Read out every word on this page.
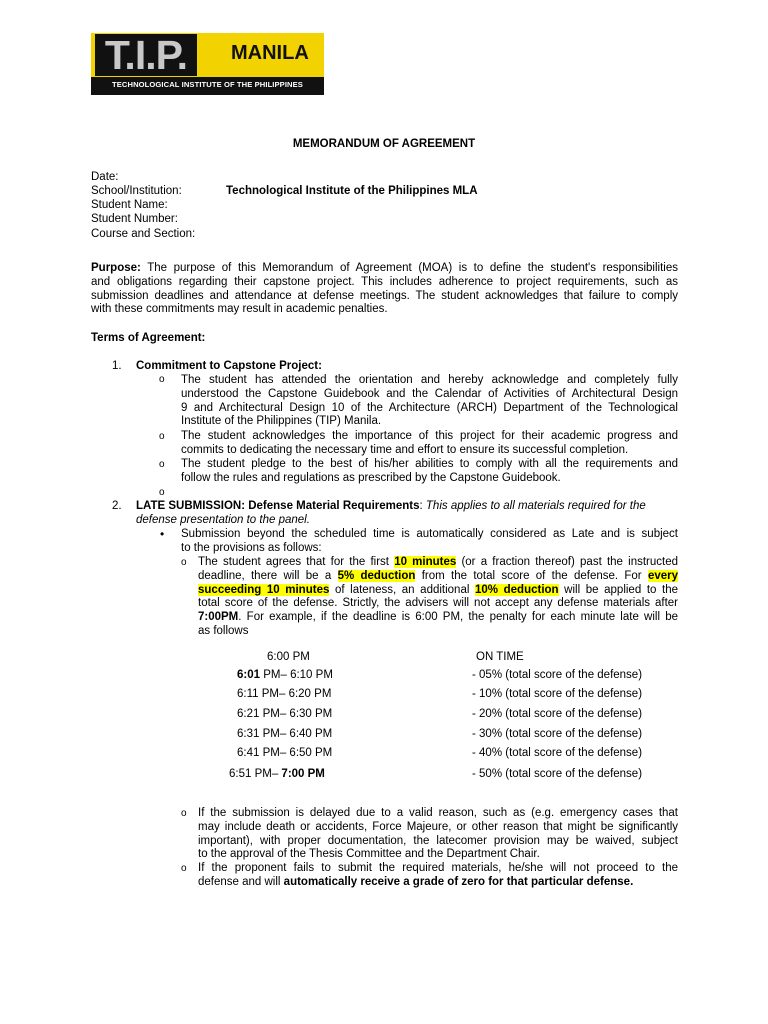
T.I.P.	MANILA
TECHNOLOGICAL INSTITUTE OF THE PHILIPPINES
MEMORANDUM OF AGREEMENT
Date:
School/Institution:	Technological Institute of the Philippines MLA
Student Name:
Student Number:
Course and Section:
Purpose: The purpose of this Memorandum of Agreement (MOA) is to define the student's responsibilities
and obligations regarding their capstone project. This includes adherence to project requirements, such as
submission deadlines and attendance at defense meetings. The student acknowledges that failure to comply
with these commitments may result in academic penalties.
Terms of Agreement:
1. Commitment to Capstone Project:
o The student has attended the orientation and hereby acknowledge and completely fully
understood the Capstone Guidebook and the Calendar of Activities of Architectural Design
9 and Architectural Design 10 of the Architecture (ARCH) Department of the Technological
Institute of the Philippines (TIP) Manila.
o The student acknowledges the importance of this project for their academic progress and
commits to dedicating the necessary time and effort to ensure its successful completion.
o The student pledge to the best of his/her abilities to comply with all the requirements and
follow the rules and regulations as prescribed by the Capstone Guidebook.
o
2. LATE SUBMISSION: Defense Material Requirements: This applies to all materials required for the
defense presentation to the panel.
• Submission beyond the scheduled time is automatically considered as Late and is subject
to the provisions as follows:
o The student agrees that for the first 10 minutes (or a fraction thereof) past the instructed
deadline, there will be a 5% deduction from the total score of the defense. For every
succeeding 10 minutes of lateness, an additional 10% deduction will be applied to the
total score of the defense. Strictly, the advisers will not accept any defense materials after
7:00PM. For example, if the deadline is 6:00 PM, the penalty for each minute late will be
as follows
6:00 PM	ON TIME
6:01 PM– 6:10 PM	- 05% (total score of the defense)
6:11 PM– 6:20 PM	- 10% (total score of the defense)
6:21 PM– 6:30 PM	- 20% (total score of the defense)
6:31 PM– 6:40 PM	- 30% (total score of the defense)
6:41 PM– 6:50 PM	- 40% (total score of the defense)
6:51 PM– 7:00 PM	- 50% (total score of the defense)
o If the submission is delayed due to a valid reason, such as (e.g. emergency cases that
may include death or accidents, Force Majeure, or other reason that might be significantly
important), with proper documentation, the latecomer provision may be waived, subject
to the approval of the Thesis Committee and the Department Chair.
o If the proponent fails to submit the required materials, he/she will not proceed to the
defense and will automatically receive a grade of zero for that particular defense.
